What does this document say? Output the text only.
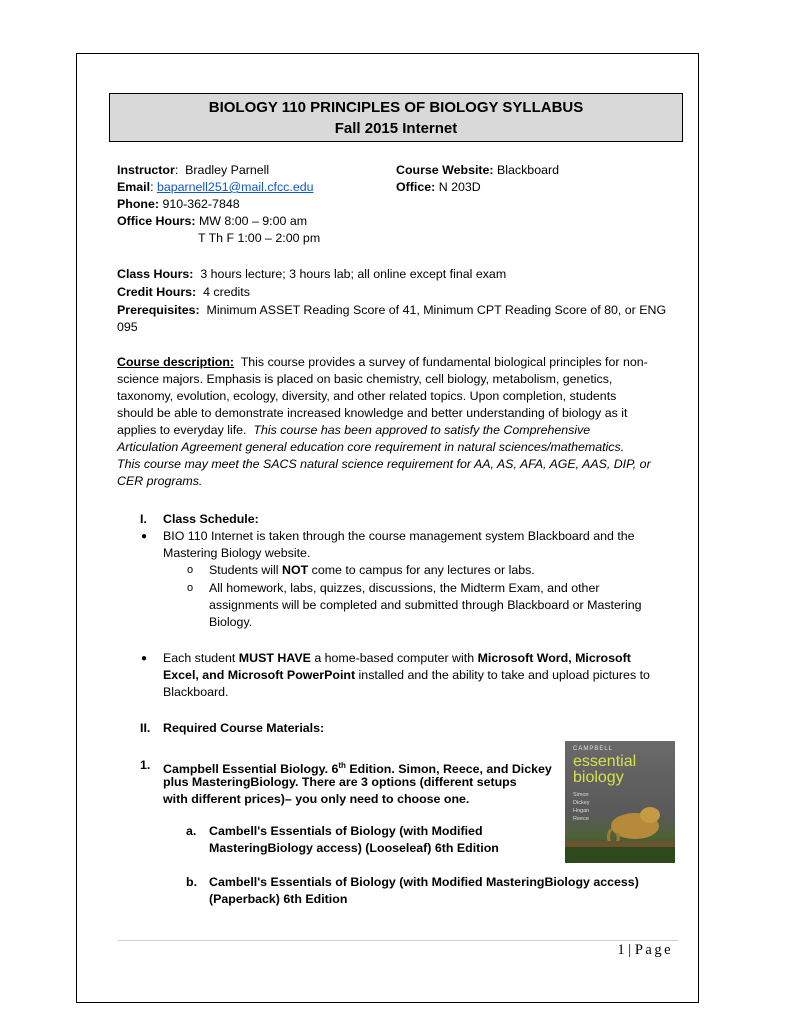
BIOLOGY 110 PRINCIPLES OF BIOLOGY SYLLABUS
Fall 2015 Internet
Instructor:  Bradley Parnell
Email: baparnell251@mail.cfcc.edu
Phone: 910-362-7848
Office Hours: MW 8:00 – 9:00 am
T Th F 1:00 – 2:00 pm
Course Website: Blackboard
Office: N 203D
Class Hours: 3 hours lecture; 3 hours lab; all online except final exam
Credit Hours: 4 credits
Prerequisites: Minimum ASSET Reading Score of 41, Minimum CPT Reading Score of 80, or ENG
095
Course description: This course provides a survey of fundamental biological principles for non-
science majors. Emphasis is placed on basic chemistry, cell biology, metabolism, genetics,
taxonomy, evolution, ecology, diversity, and other related topics. Upon completion, students
should be able to demonstrate increased knowledge and better understanding of biology as it
applies to everyday life. This course has been approved to satisfy the Comprehensive
Articulation Agreement general education core requirement in natural sciences/mathematics.
This course may meet the SACS natural science requirement for AA, AS, AFA, AGE, AAS, DIP, or
CER programs.
I. Class Schedule:
● BIO 110 Internet is taken through the course management system Blackboard and the
Mastering Biology website.
o Students will NOT come to campus for any lectures or labs.
o All homework, labs, quizzes, discussions, the Midterm Exam, and other
assignments will be completed and submitted through Blackboard or Mastering
Biology.
● Each student MUST HAVE a home-based computer with Microsoft Word, Microsoft
Excel, and Microsoft PowerPoint installed and the ability to take and upload pictures to
Blackboard.
II. Required Course Materials:
1. Campbell Essential Biology. 6th Edition. Simon, Reece, and Dickey
plus MasteringBiology. There are 3 options (different setups
with different prices)– you only need to choose one.
a. Cambell's Essentials of Biology (with Modified
MasteringBiology access) (Looseleaf) 6th Edition
b. Cambell's Essentials of Biology (with Modified MasteringBiology access)
(Paperback) 6th Edition
CAMPBELL
essential
biology
Simon
Dickey
Hogan
Reece
1 | Page
